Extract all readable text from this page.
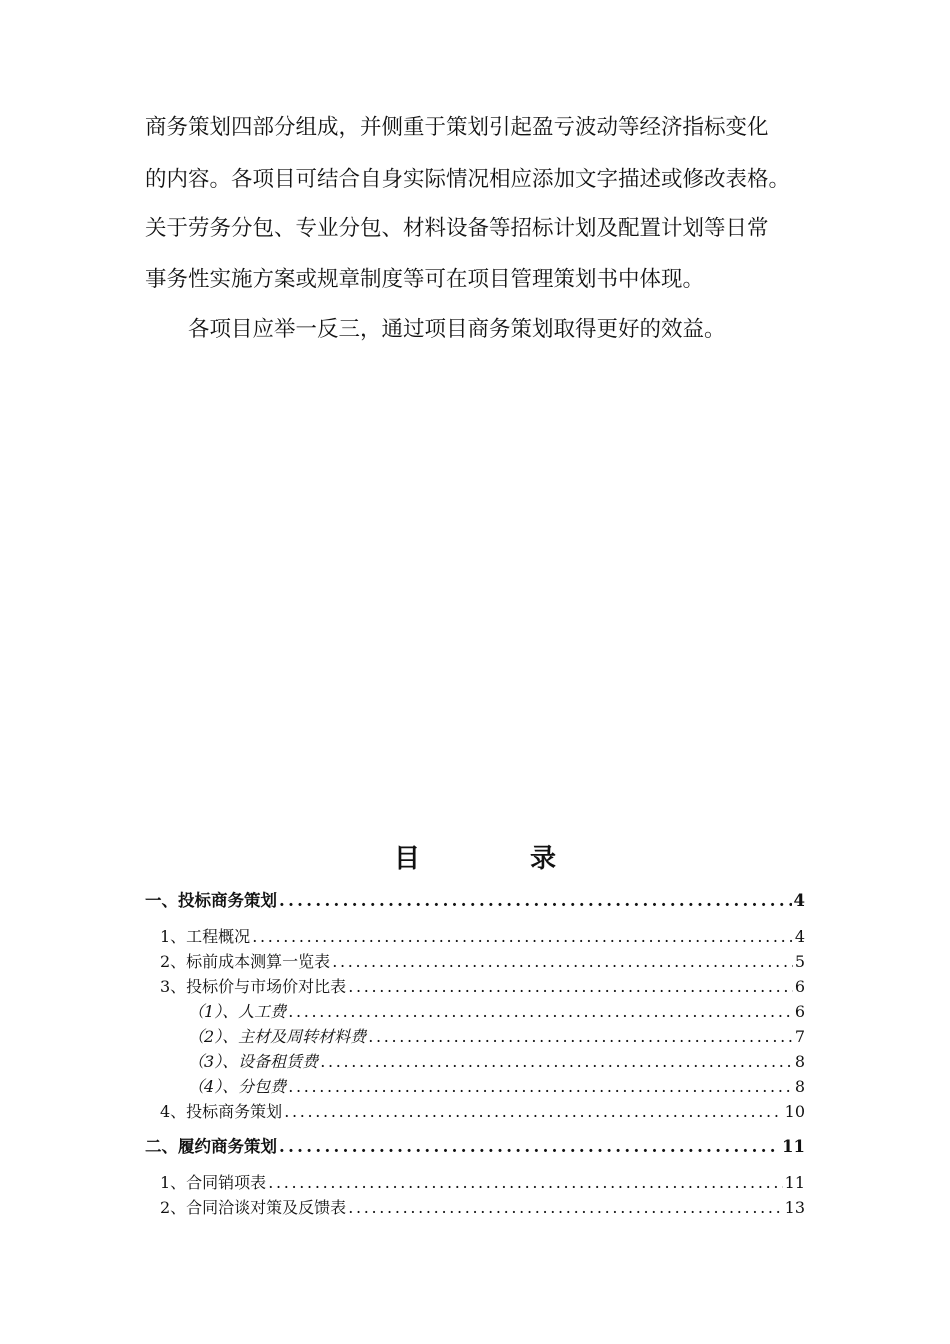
商务策划四部分组成，并侧重于策划引起盈亏波动等经济指标变化
的内容。各项目可结合自身实际情况相应添加文字描述或修改表格。
关于劳务分包、专业分包、材料设备等招标计划及配置计划等日常
事务性实施方案或规章制度等可在项目管理策划书中体现。
各项目应举一反三，通过项目商务策划取得更好的效益。
目	录
一、投标商务策划 . . .	4
1、工程概况 . . .	4
2、标前成本测算一览表 . . .	5
3、投标价与市场价对比表 . . .	6
（1）、人工费 . . .	6
（2）、主材及周转材料费 . . .	7
（3）、设备租赁费 . . .	8
（4）、分包费 . . .	8
4、投标商务策划 . . .	10
二、履约商务策划 . . .	11
1、合同销项表 . . .	11
2、合同洽谈对策及反馈表 . . .	13
